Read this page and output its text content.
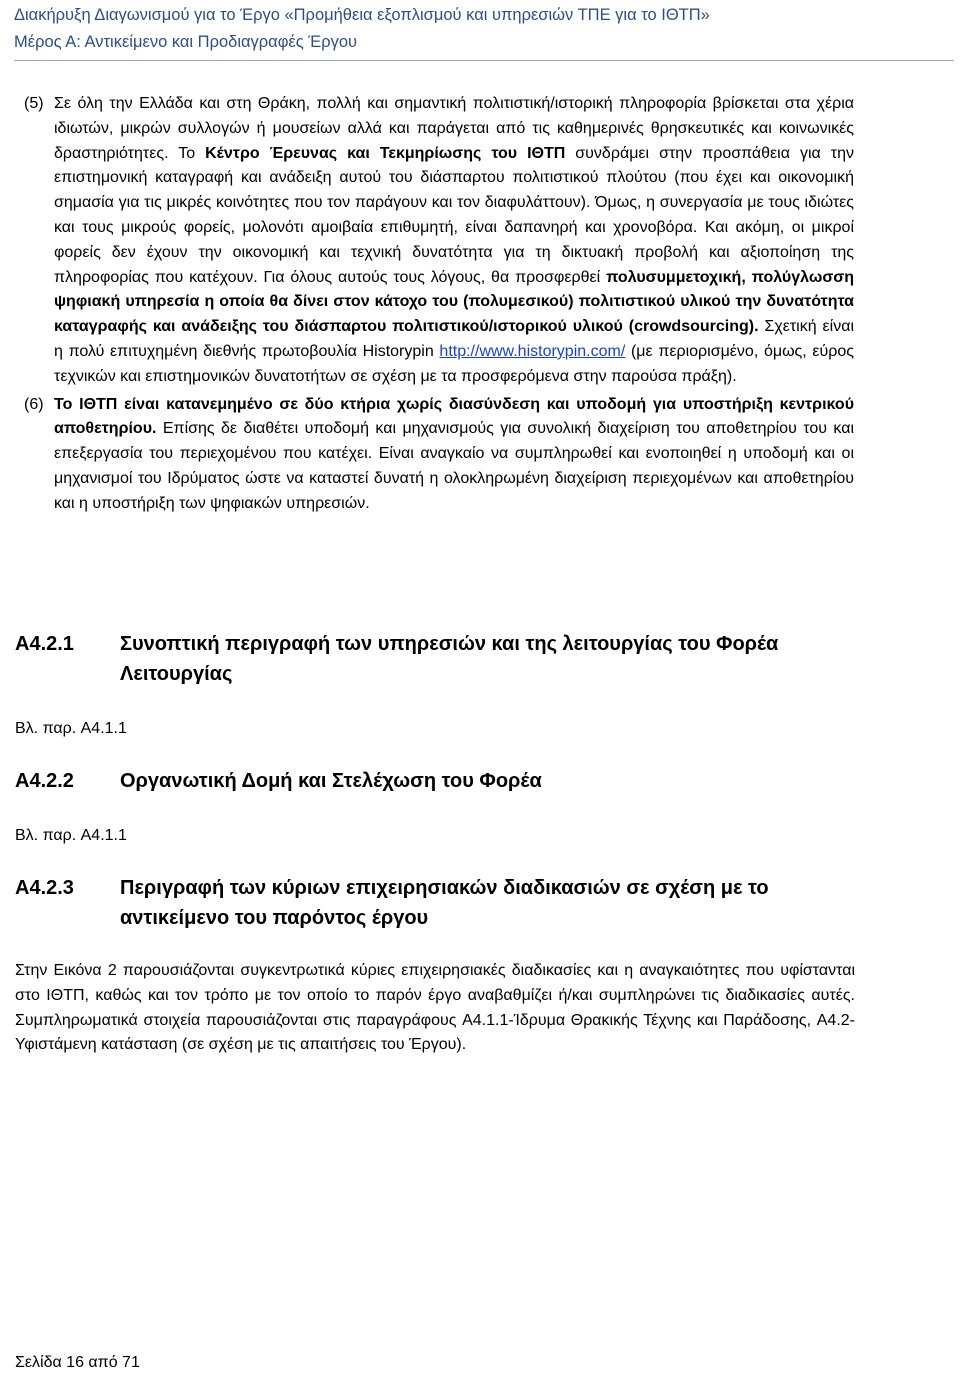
Διακήρυξη Διαγωνισμού για το Έργο «Προμήθεια εξοπλισμού και υπηρεσιών ΤΠΕ για το ΙΘΤΠ»
Μέρος Α: Αντικείμενο και Προδιαγραφές Έργου
(5) Σε όλη την Ελλάδα και στη Θράκη, πολλή και σημαντική πολιτιστική/ιστορική πληροφορία βρίσκεται στα χέρια ιδιωτών, μικρών συλλογών ή μουσείων αλλά και παράγεται από τις καθημερινές θρησκευτικές και κοινωνικές δραστηριότητες. Το Κέντρο Έρευνας και Τεκμηρίωσης του ΙΘΤΠ συνδράμει στην προσπάθεια για την επιστημονική καταγραφή και ανάδειξη αυτού του διάσπαρτου πολιτιστικού πλούτου (που έχει και οικονομική σημασία για τις μικρές κοινότητες που τον παράγουν και τον διαφυλάττουν). Όμως, η συνεργασία με τους ιδιώτες και τους μικρούς φορείς, μολονότι αμοιβαία επιθυμητή, είναι δαπανηρή και χρονοβόρα. Και ακόμη, οι μικροί φορείς δεν έχουν την οικονομική και τεχνική δυνατότητα για τη δικτυακή προβολή και αξιοποίηση της πληροφορίας που κατέχουν. Για όλους αυτούς τους λόγους, θα προσφερθεί πολυσυμμετοχική, πολύγλωσση ψηφιακή υπηρεσία η οποία θα δίνει στον κάτοχο του (πολυμεσικού) πολιτιστικού υλικού την δυνατότητα καταγραφής και ανάδειξης του διάσπαρτου πολιτιστικού/ιστορικού υλικού (crowdsourcing). Σχετική είναι η πολύ επιτυχημένη διεθνής πρωτοβουλία Historypin http://www.historypin.com/ (με περιορισμένο, όμως, εύρος τεχνικών και επιστημονικών δυνατοτήτων σε σχέση με τα προσφερόμενα στην παρούσα πράξη).
(6) Το ΙΘΤΠ είναι κατανεμημένο σε δύο κτήρια χωρίς διασύνδεση και υποδομή για υποστήριξη κεντρικού αποθετηρίου. Επίσης δε διαθέτει υποδομή και μηχανισμούς για συνολική διαχείριση του αποθετηρίου του και επεξεργασία του περιεχομένου που κατέχει. Είναι αναγκαίο να συμπληρωθεί και ενοποιηθεί η υποδομή και οι μηχανισμοί του Ιδρύματος ώστε να καταστεί δυνατή η ολοκληρωμένη διαχείριση περιεχομένων και αποθετηρίου και η υποστήριξη των ψηφιακών υπηρεσιών.
A4.2.1	Συνοπτική περιγραφή των υπηρεσιών και της λειτουργίας του Φορέα Λειτουργίας
Βλ. παρ. A4.1.1
A4.2.2	Οργανωτική Δομή και Στελέχωση του Φορέα
Βλ. παρ. A4.1.1
A4.2.3	Περιγραφή των κύριων επιχειρησιακών διαδικασιών σε σχέση με το αντικείμενο του παρόντος έργου
Στην Εικόνα 2 παρουσιάζονται συγκεντρωτικά κύριες επιχειρησιακές διαδικασίες και η αναγκαιότητες που υφίστανται στο ΙΘΤΠ, καθώς και τον τρόπο με τον οποίο το παρόν έργο αναβαθμίζει ή/και συμπληρώνει τις διαδικασίες αυτές. Συμπληρωματικά στοιχεία παρουσιάζονται στις παραγράφους A4.1.1-Ίδρυμα Θρακικής Τέχνης και Παράδοσης, A4.2-Υφιστάμενη κατάσταση (σε σχέση με τις απαιτήσεις του Έργου).
Σελίδα 16 από 71
